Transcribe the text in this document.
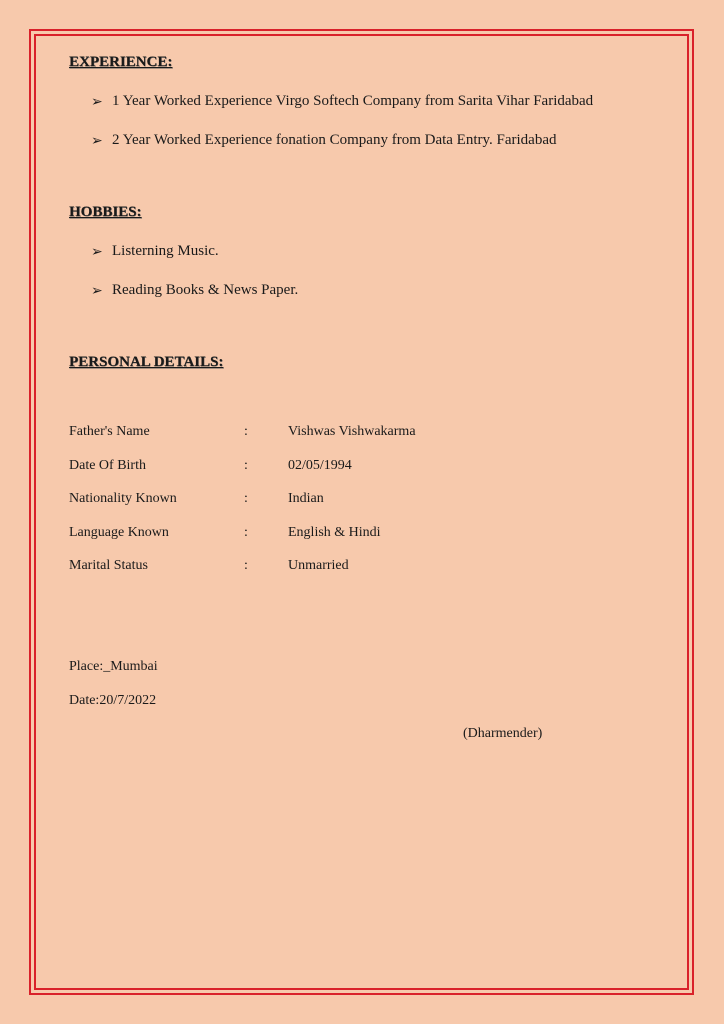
EXPERIENCE:
➢ 1 Year Worked Experience Virgo Softech Company from Sarita Vihar Faridabad
➢ 2 Year Worked Experience fonation Company from Data Entry. Faridabad
HOBBIES:
➢ Listerning Music.
➢ Reading Books & News Paper.
PERSONAL DETAILS:
Father's Name	:	Vishwas Vishwakarma
Date Of Birth	:	02/05/1994
Nationality Known	:	Indian
Language Known	:	English & Hindi
Marital Status	:	Unmarried
Place:_Mumbai
Date:20/7/2022
(Dharmender)
